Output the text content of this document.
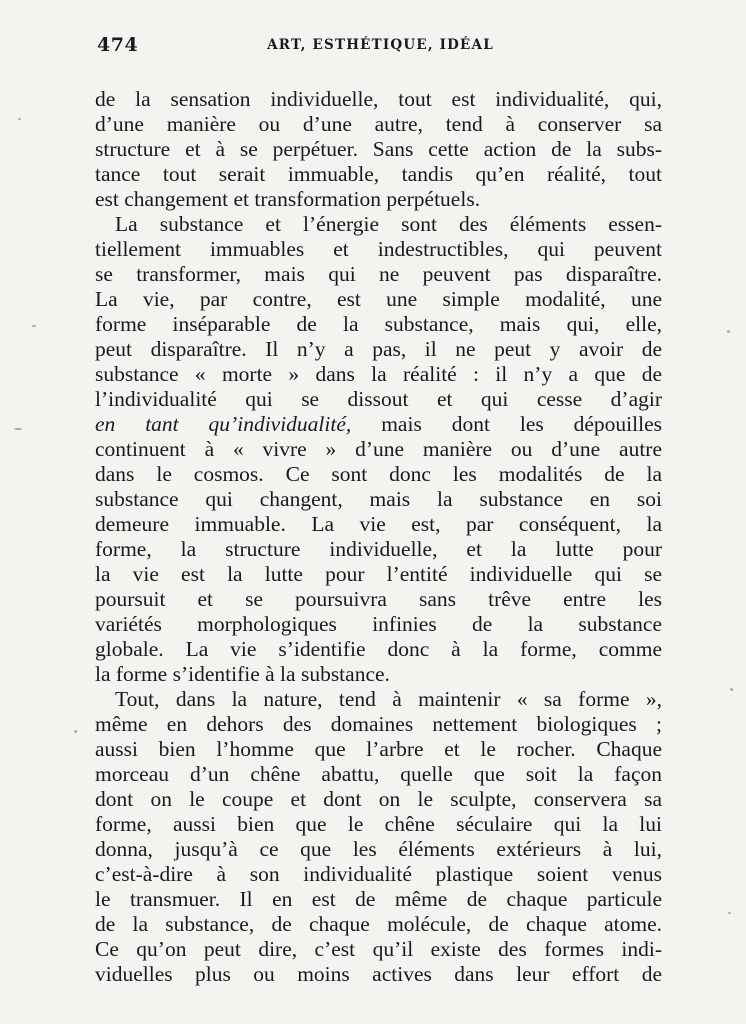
474	ART, ESTHÉTIQUE, IDÉAL
de la sensation individuelle, tout est individualité, qui,
d’une manière ou d’une autre, tend à conserver sa
structure et à se perpétuer. Sans cette action de la subs-
tance tout serait immuable, tandis qu’en réalité, tout
est changement et transformation perpétuels.
La substance et l’énergie sont des éléments essen-
tiellement immuables et indestructibles, qui peuvent
se transformer, mais qui ne peuvent pas disparaître.
La vie, par contre, est une simple modalité, une
forme inséparable de la substance, mais qui, elle,
peut disparaître. Il n’y a pas, il ne peut y avoir de
substance « morte » dans la réalité : il n’y a que de
l’individualité qui se dissout et qui cesse d’agir
en tant qu’individualité, mais dont les dépouilles
continuent à « vivre » d’une manière ou d’une autre
dans le cosmos. Ce sont donc les modalités de la
substance qui changent, mais la substance en soi
demeure immuable. La vie est, par conséquent, la
forme, la structure individuelle, et la lutte pour
la vie est la lutte pour l’entité individuelle qui se
poursuit et se poursuivra sans trêve entre les
variétés morphologiques infinies de la substance
globale. La vie s’identifie donc à la forme, comme
la forme s’identifie à la substance.
Tout, dans la nature, tend à maintenir « sa forme »,
même en dehors des domaines nettement biologiques ;
aussi bien l’homme que l’arbre et le rocher. Chaque
morceau d’un chêne abattu, quelle que soit la façon
dont on le coupe et dont on le sculpte, conservera sa
forme, aussi bien que le chêne séculaire qui la lui
donna, jusqu’à ce que les éléments extérieurs à lui,
c’est-à-dire à son individualité plastique soient venus
le transmuer. Il en est de même de chaque particule
de la substance, de chaque molécule, de chaque atome.
Ce qu’on peut dire, c’est qu’il existe des formes indi-
viduelles plus ou moins actives dans leur effort de
